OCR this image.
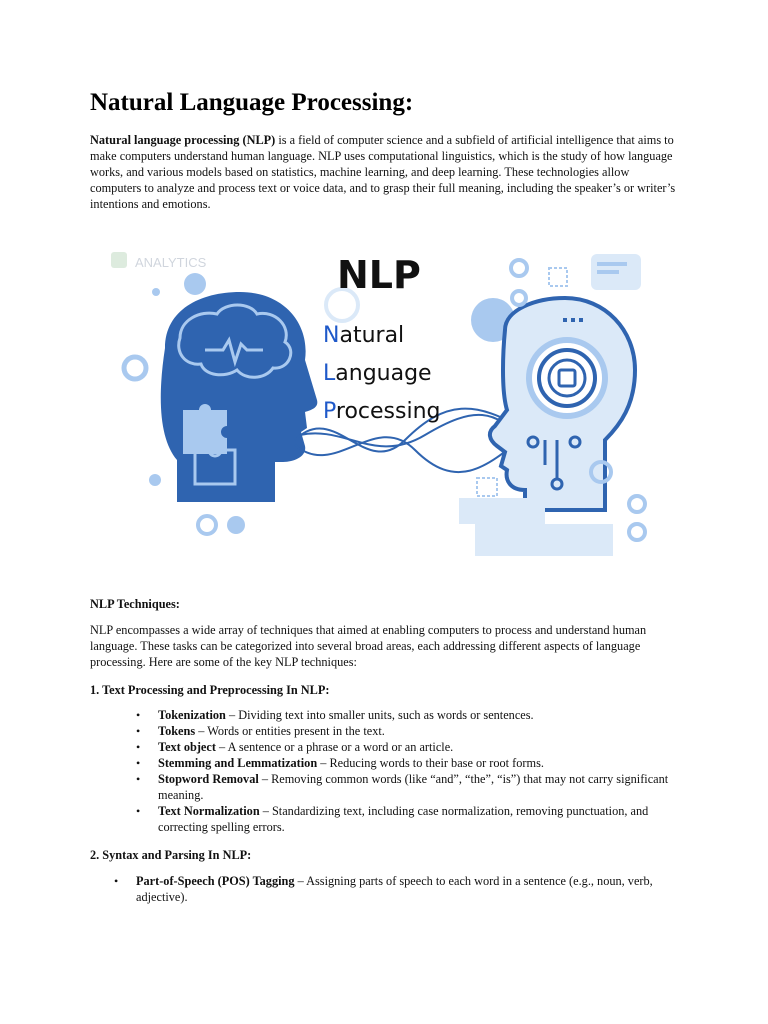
Natural Language Processing:

Natural language processing (NLP) is a field of computer science and a subfield of artificial intelligence that aims to make computers understand human language. NLP uses computational linguistics, which is the study of how language works, and various models based on statistics, machine learning, and deep learning. These technologies allow computers to analyze and process text or voice data, and to grasp their full meaning, including the speaker’s or writer’s intentions and emotions.

ANALYTICS	NLP
Natural
Language
Processing

NLP Techniques:

NLP encompasses a wide array of techniques that aimed at enabling computers to process and understand human language. These tasks can be categorized into several broad areas, each addressing different aspects of language processing. Here are some of the key NLP techniques:

1. Text Processing and Preprocessing In NLP:

• Tokenization – Dividing text into smaller units, such as words or sentences.
• Tokens – Words or entities present in the text.
• Text object – A sentence or a phrase or a word or an article.
• Stemming and Lemmatization – Reducing words to their base or root forms.
• Stopword Removal – Removing common words (like “and”, “the”, “is”) that may not carry significant meaning.
• Text Normalization – Standardizing text, including case normalization, removing punctuation, and correcting spelling errors.

2. Syntax and Parsing In NLP:

• Part-of-Speech (POS) Tagging – Assigning parts of speech to each word in a sentence (e.g., noun, verb, adjective).
